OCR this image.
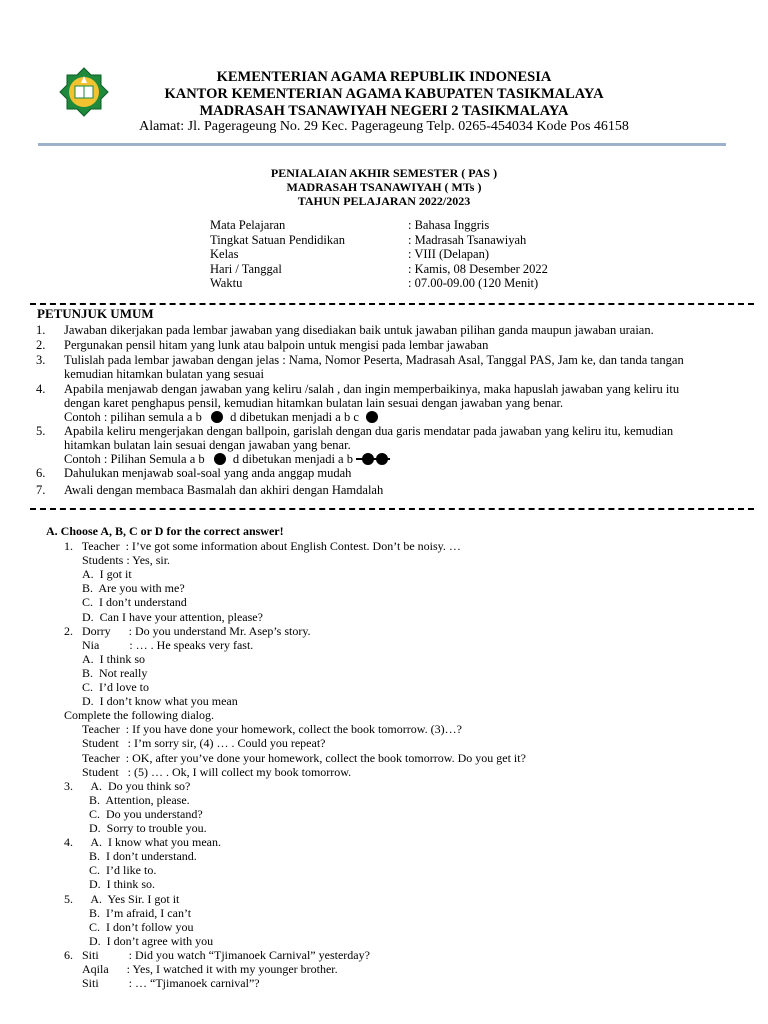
KEMENTERIAN AGAMA REPUBLIK INDONESIA
KANTOR KEMENTERIAN AGAMA KABUPATEN TASIKMALAYA
MADRASAH TSANAWIYAH NEGERI 2 TASIKMALAYA
Alamat: Jl. Pagerageung No. 29 Kec. Pagerageung Telp. 0265-454034 Kode Pos 46158
PENIALAIAN AKHIR SEMESTER ( PAS )
MADRASAH TSANAWIYAH ( MTs )
TAHUN PELAJARAN 2022/2023
Mata Pelajaran	: Bahasa Inggris
Tingkat Satuan Pendidikan	: Madrasah Tsanawiyah
Kelas	: VIII (Delapan)
Hari / Tanggal	: Kamis, 08 Desember 2022
Waktu	: 07.00-09.00 (120 Menit)
PETUNJUK UMUM
1. Jawaban dikerjakan pada lembar jawaban yang disediakan baik untuk jawaban pilihan ganda maupun jawaban uraian.
2. Pergunakan pensil hitam yang lunk atau balpoin untuk mengisi pada lembar jawaban
3. Tulislah pada lembar jawaban dengan jelas : Nama, Nomor Peserta, Madrasah Asal, Tanggal PAS, Jam ke, dan tanda tangan
kemudian hitamkan bulatan yang sesuai
4. Apabila menjawab dengan jawaban yang keliru /salah , dan ingin memperbaikinya, maka hapuslah jawaban yang keliru itu
dengan karet penghapus pensil, kemudian hitamkan bulatan lain sesuai dengan jawaban yang benar.
Contoh : pilihan semula a b d dibetukan menjadi a b c
5. Apabila keliru mengerjakan dengan ballpoin, garislah dengan dua garis mendatar pada jawaban yang keliru itu, kemudian
hitamkan bulatan lain sesuai dengan jawaban yang benar.
Contoh : Pilihan Semula a b d dibetukan menjadi a b
6. Dahulukan menjawab soal-soal yang anda anggap mudah
7. Awali dengan membaca Basmalah dan akhiri dengan Hamdalah
A. Choose A, B, C or D for the correct answer!
1.   Teacher  : I’ve got some information about English Contest. Don’t be noisy. …
Students : Yes, sir.
A.  I got it
B.  Are you with me?
C.  I don’t understand
D.  Can I have your attention, please?
2.   Dorry      : Do you understand Mr. Asep’s story.
Nia          : … . He speaks very fast.
A.  I think so
B.  Not really
C.  I’d love to
D.  I don’t know what you mean
Complete the following dialog.
Teacher  : If you have done your homework, collect the book tomorrow. (3)…?
Student   : I’m sorry sir, (4) … . Could you repeat?
Teacher  : OK, after you’ve done your homework, collect the book tomorrow. Do you get it?
Student   : (5) … . Ok, I will collect my book tomorrow.
3.      A.  Do you think so?
B.  Attention, please.
C.  Do you understand?
D.  Sorry to trouble you.
4.      A.  I know what you mean.
B.  I don’t understand.
C.  I’d like to.
D.  I think so.
5.      A.  Yes Sir. I got it
B.  I’m afraid, I can’t
C.  I don’t follow you
D.  I don’t agree with you
6.   Siti          : Did you watch “Tjimanoek Carnival” yesterday?
Aqila      : Yes, I watched it with my younger brother.
Siti          : … “Tjimanoek carnival”?
